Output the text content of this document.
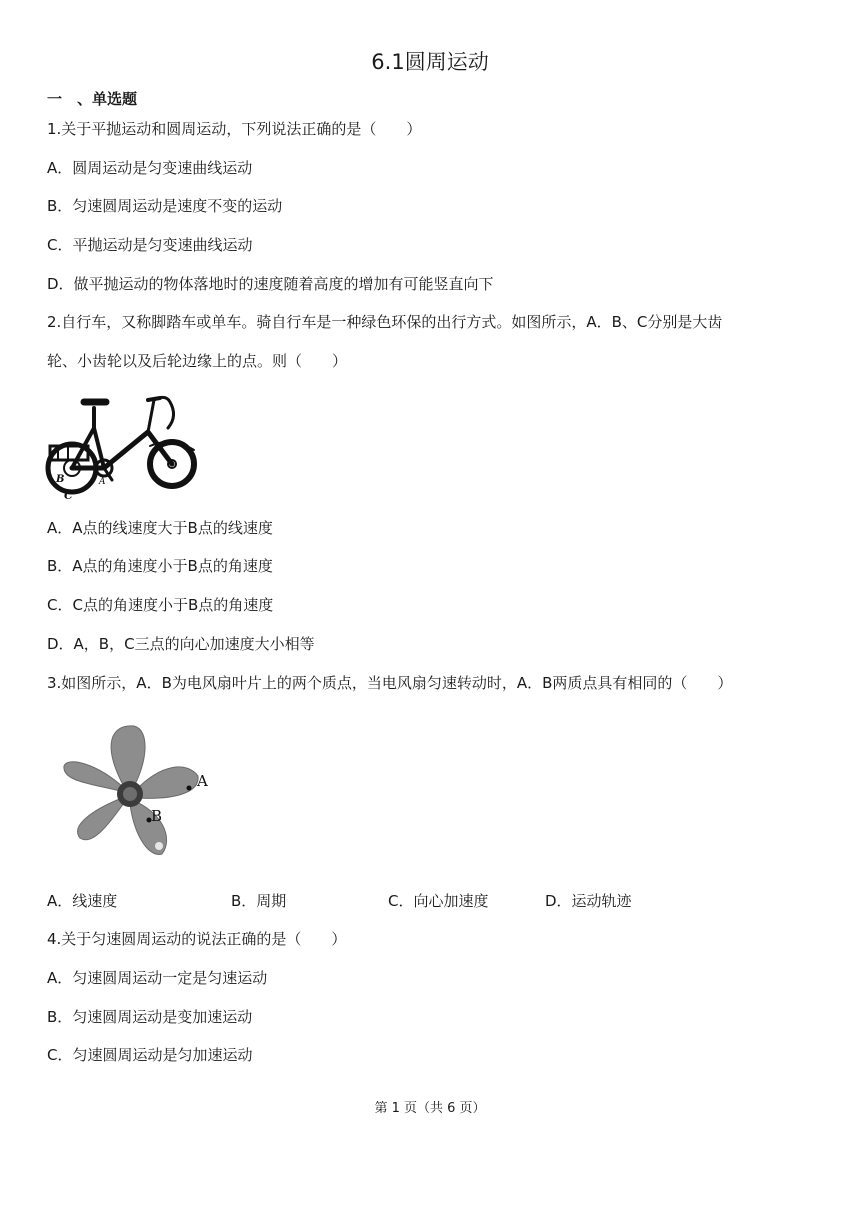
6.1圆周运动
一　、单选题
1.关于平抛运动和圆周运动，下列说法正确的是（　　）
A．圆周运动是匀变速曲线运动
B．匀速圆周运动是速度不变的运动
C．平抛运动是匀变速曲线运动
D．做平抛运动的物体落地时的速度随着高度的增加有可能竖直向下
2.自行车，又称脚踏车或单车。骑自行车是一种绿色环保的出行方式。如图所示，A．B、C分别是大齿
轮、小齿轮以及后轮边缘上的点。则（　　）
B	A
C
A．A点的线速度大于B点的线速度
B．A点的角速度小于B点的角速度
C．C点的角速度小于B点的角速度
D．A，B，C三点的向心加速度大小相等
3.如图所示，A．B为电风扇叶片上的两个质点，当电风扇匀速转动时，A．B两质点具有相同的（　　）
A
B
A．线速度	B．周期	C．向心加速度	D．运动轨迹
4.关于匀速圆周运动的说法正确的是（　　）
A．匀速圆周运动一定是匀速运动
B．匀速圆周运动是变加速运动
C．匀速圆周运动是匀加速运动
第 1 页（共 6 页）
